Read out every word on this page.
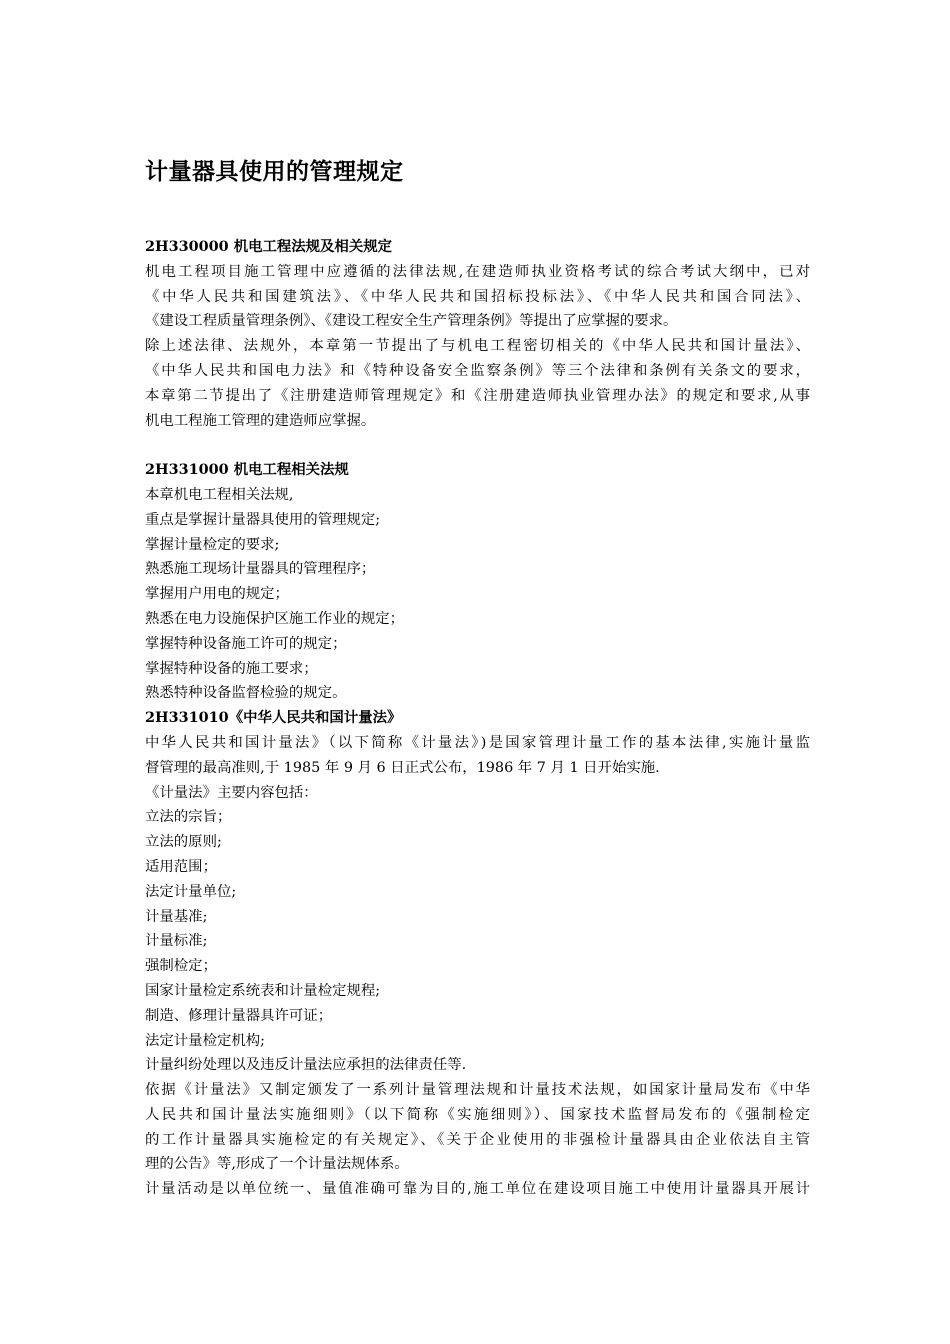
计量器具使用的管理规定
2H330000 机电工程法规及相关规定
机电工程项目施工管理中应遵循的法律法规,在建造师执业资格考试的综合考试大纲中，已对
《中华人民共和国建筑法》、《中华人民共和国招标投标法》、《中华人民共和国合同法》、
《建设工程质量管理条例》、《建设工程安全生产管理条例》等提出了应掌握的要求。
除上述法律、法规外，本章第一节提出了与机电工程密切相关的《中华人民共和国计量法》、
《中华人民共和国电力法》和《特种设备安全监察条例》等三个法律和条例有关条文的要求，
本章第二节提出了《注册建造师管理规定》和《注册建造师执业管理办法》的规定和要求,从事
机电工程施工管理的建造师应掌握。
2H331000 机电工程相关法规
本章机电工程相关法规,
重点是掌握计量器具使用的管理规定;
掌握计量检定的要求;
熟悉施工现场计量器具的管理程序；
掌握用户用电的规定；
熟悉在电力设施保护区施工作业的规定；
掌握特种设备施工许可的规定；
掌握特种设备的施工要求；
熟悉特种设备监督检验的规定。
2H331010《中华人民共和国计量法》
中华人民共和国计量法》（以下简称《计量法》)是国家管理计量工作的基本法律,实施计量监
督管理的最高准则,于 1985 年 9 月 6 日正式公布，1986 年 7 月 1 日开始实施.
《计量法》主要内容包括：
立法的宗旨；
立法的原则;
适用范围；
法定计量单位;
计量基准;
计量标准;
强制检定；
国家计量检定系统表和计量检定规程;
制造、修理计量器具许可证；
法定计量检定机构;
计量纠纷处理以及违反计量法应承担的法律责任等.
依据《计量法》又制定颁发了一系列计量管理法规和计量技术法规，如国家计量局发布《中华
人民共和国计量法实施细则》（以下简称《实施细则》）、国家技术监督局发布的《强制检定
的工作计量器具实施检定的有关规定》、《关于企业使用的非强检计量器具由企业依法自主管
理的公告》等,形成了一个计量法规体系。
计量活动是以单位统一、量值准确可靠为目的,施工单位在建设项目施工中使用计量器具开展计
